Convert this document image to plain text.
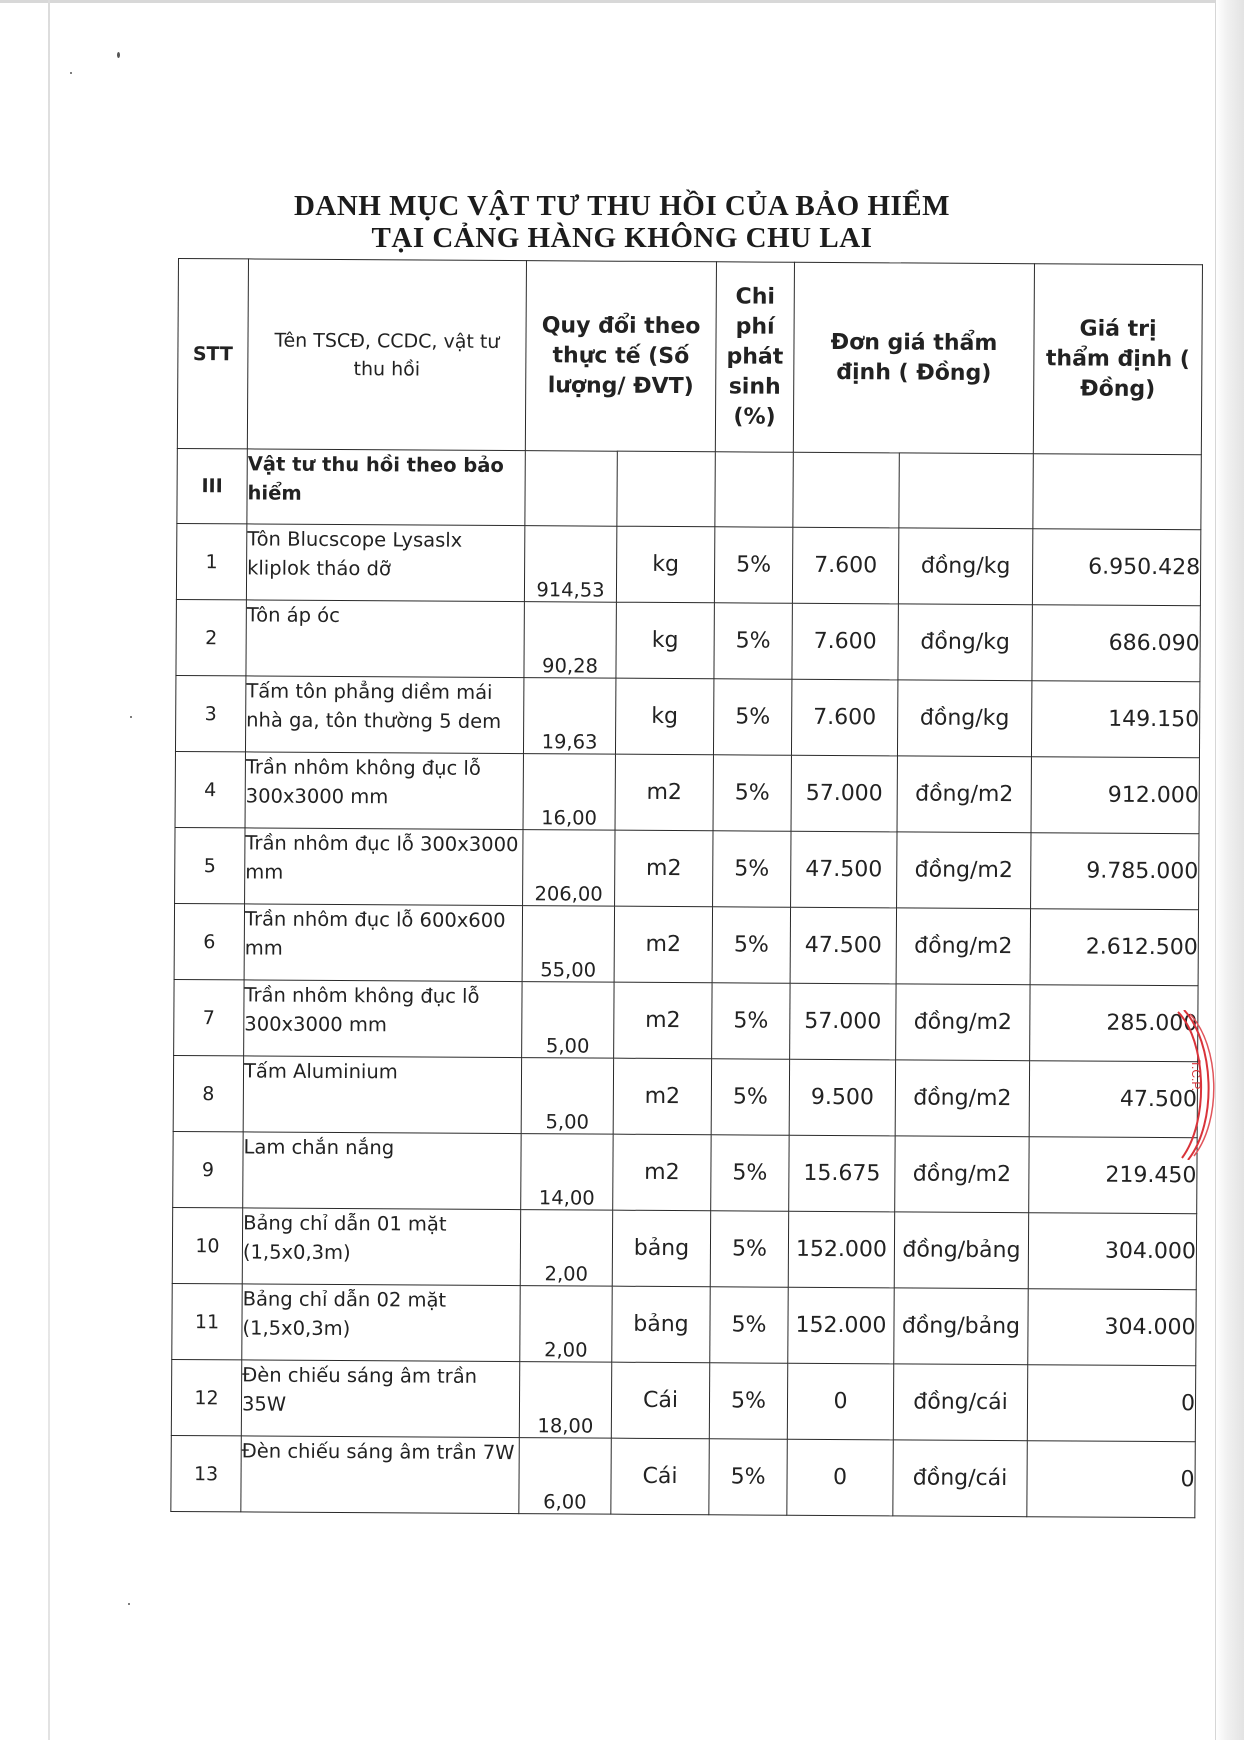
DANH MỤC VẬT TƯ THU HỒI CỦA BẢO HIỂM
TẠI CẢNG HÀNG KHÔNG CHU LAI
STT	Tên TSCĐ, CCDC, vật tư thu hồi	Quy đổi theo thực tế (Số lượng/ ĐVT)		Chi phí phát sinh (%)	Đơn giá thẩm định ( Đồng)		Giá trị thẩm định ( Đồng)
III	Vật tư thu hồi theo bảo hiểm						
1	Tôn Blucscope Lysaslx kliplok tháo dỡ	914,53	kg	5%	7.600	đồng/kg	6.950.428
2	Tôn áp óc	90,28	kg	5%	7.600	đồng/kg	686.090
3	Tấm tôn phẳng diềm mái nhà ga, tôn thường 5 dem	19,63	kg	5%	7.600	đồng/kg	149.150
4	Trần nhôm không đục lỗ 300x3000 mm	16,00	m2	5%	57.000	đồng/m2	912.000
5	Trần nhôm đục lỗ 300x3000 mm	206,00	m2	5%	47.500	đồng/m2	9.785.000
6	Trần nhôm đục lỗ 600x600 mm	55,00	m2	5%	47.500	đồng/m2	2.612.500
7	Trần nhôm không đục lỗ 300x3000 mm	5,00	m2	5%	57.000	đồng/m2	285.000
8	Tấm Aluminium	5,00	m2	5%	9.500	đồng/m2	47.500
9	Lam chắn nắng	14,00	m2	5%	15.675	đồng/m2	219.450
10	Bảng chỉ dẫn 01 mặt (1,5x0,3m)	2,00	bảng	5%	152.000	đồng/bảng	304.000
11	Bảng chỉ dẫn 02 mặt (1,5x0,3m)	2,00	bảng	5%	152.000	đồng/bảng	304.000
12	Đèn chiếu sáng âm trần 35W	18,00	Cái	5%	0	đồng/cái	0
13	Đèn chiếu sáng âm trần 7W	6,00	Cái	5%	0	đồng/cái	0
T.C.P.
